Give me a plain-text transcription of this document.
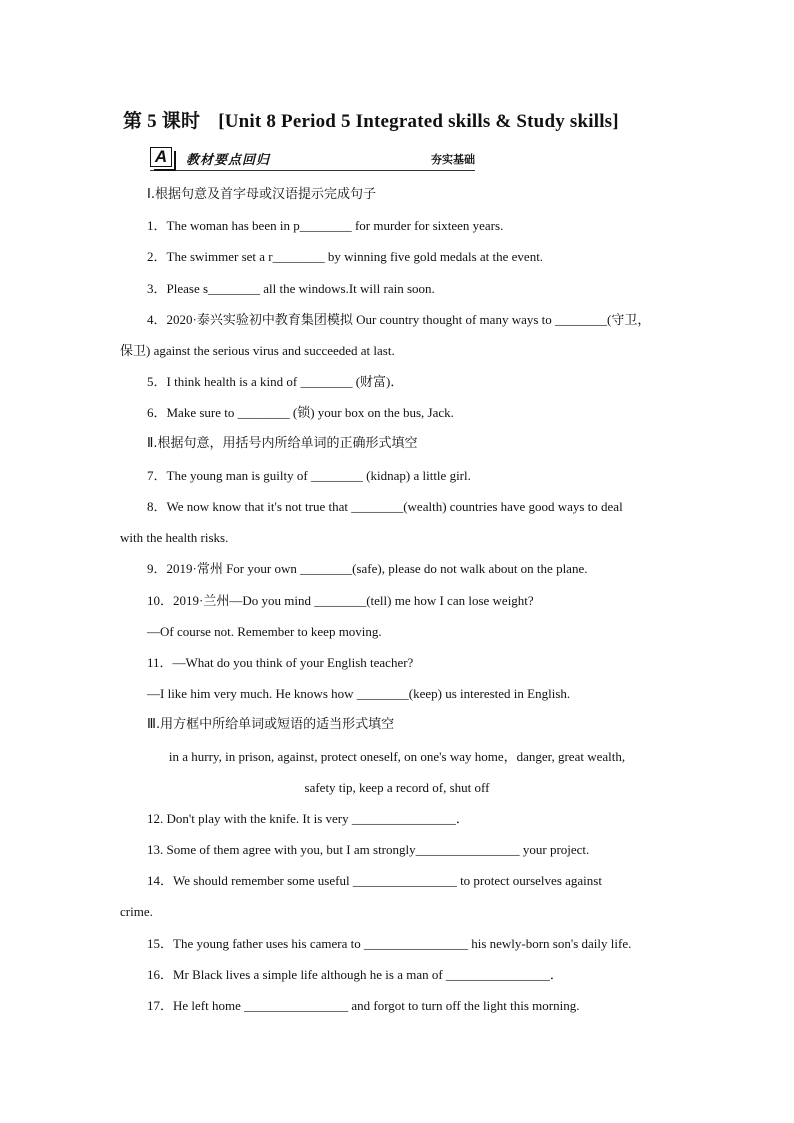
第 5 课时 [Unit 8 Period 5 Integrated skills & Study skills]
A	教材要点回归	夯实基础
Ⅰ.根据句意及首字母或汉语提示完成句子
1．The woman has been in p________ for murder for sixteen years.
2．The swimmer set a r________ by winning five gold medals at the event.
3．Please s________ all the windows.It will rain soon.
4．2020·泰兴实验初中教育集团模拟 Our country thought of many ways to ________(守卫，
保卫) against the serious virus and succeeded at last.
5．I think health is a kind of ________ (财富)．
6．Make sure to ________ (锁) your box on the bus, Jack.
Ⅱ.根据句意，用括号内所给单词的正确形式填空
7．The young man is guilty of ________ (kidnap) a little girl.
8．We now know that it's not true that ________(wealth) countries have good ways to deal
with the health risks.
9．2019·常州 For your own ________(safe), please do not walk about on the plane.
10．2019·兰州—Do you mind ________(tell) me how I can lose weight?
—Of course not. Remember to keep moving.
11．—What do you think of your English teacher?
—I like him very much. He knows how ________(keep) us interested in English.
Ⅲ.用方框中所给单词或短语的适当形式填空
in a hurry, in prison, against, protect oneself, on one's way home，danger, great wealth,
safety tip, keep a record of, shut off
12. Don't play with the knife. It is very ________________．
13. Some of them agree with you, but I am strongly________________ your project.
14．We should remember some useful ________________ to protect ourselves against
crime.
15．The young father uses his camera to ________________ his newly-born son's daily life.
16．Mr Black lives a simple life although he is a man of ________________．
17．He left home ________________ and forgot to turn off the light this morning.
